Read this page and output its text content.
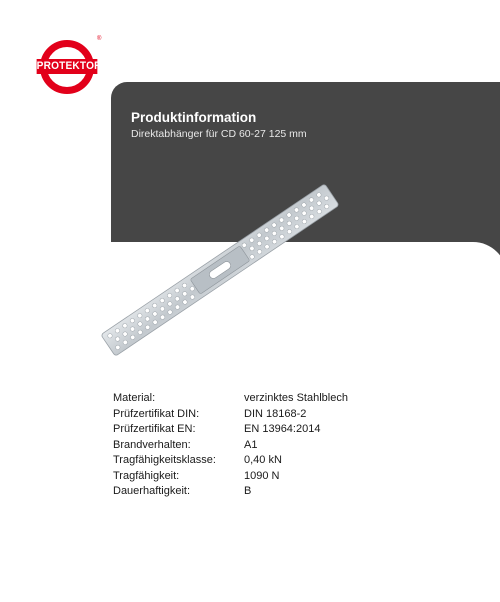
PROTEKTOR
®
Produktinformation

Direktabhänger für CD 60-27 125 mm

Material:	verzinktes Stahlblech
Prüfzertifikat DIN:	DIN 18168-2
Prüfzertifikat EN:	EN 13964:2014
Brandverhalten:	A1
Tragfähigkeitsklasse:	0,40 kN
Tragfähigkeit:	1090 N
Dauerhaftigkeit:	B
